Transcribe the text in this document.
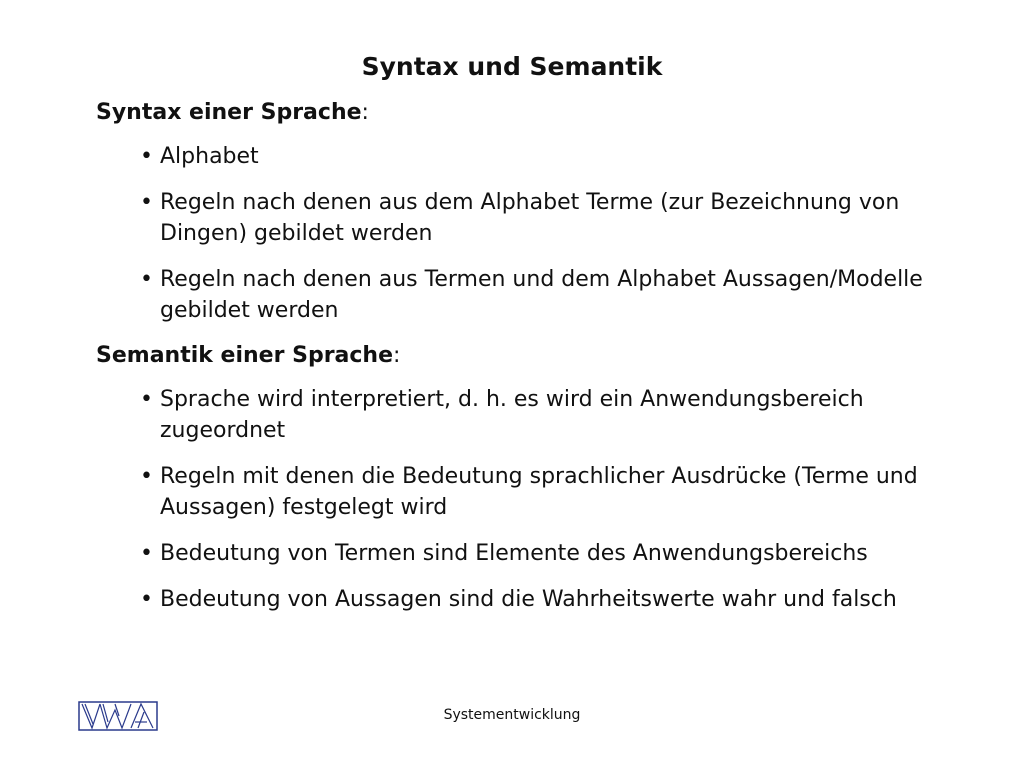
Syntax und Semantik
Syntax einer Sprache:
• Alphabet
• Regeln nach denen aus dem Alphabet Terme (zur Bezeichnung von Dingen) gebildet werden
• Regeln nach denen aus Termen und dem Alphabet Aussagen/Modelle gebildet werden
Semantik einer Sprache:
• Sprache wird interpretiert, d. h. es wird ein Anwendungsbereich zugeordnet
• Regeln mit denen die Bedeutung sprachlicher Ausdrücke (Terme und Aussagen) festgelegt wird
• Bedeutung von Termen sind Elemente des Anwendungsbereichs
• Bedeutung von Aussagen sind die Wahrheitswerte wahr und falsch
Systementwicklung
